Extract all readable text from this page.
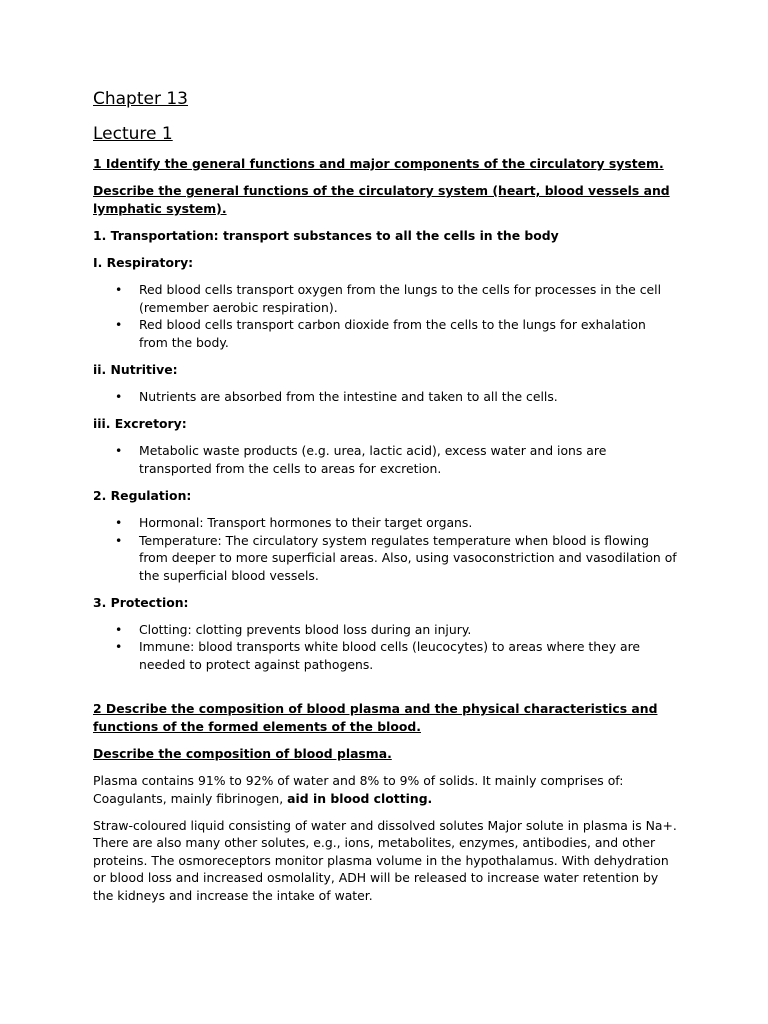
Chapter 13
Lecture 1

1 Identify the general functions and major components of the circulatory system.

Describe the general functions of the circulatory system (heart, blood vessels and lymphatic system).

1. Transportation: transport substances to all the cells in the body

I. Respiratory:

• Red blood cells transport oxygen from the lungs to the cells for processes in the cell (remember aerobic respiration).
• Red blood cells transport carbon dioxide from the cells to the lungs for exhalation from the body.

ii. Nutritive:

• Nutrients are absorbed from the intestine and taken to all the cells.

iii. Excretory:

• Metabolic waste products (e.g. urea, lactic acid), excess water and ions are transported from the cells to areas for excretion.

2. Regulation:

• Hormonal: Transport hormones to their target organs.
• Temperature: The circulatory system regulates temperature when blood is flowing from deeper to more superficial areas. Also, using vasoconstriction and vasodilation of the superficial blood vessels.

3. Protection:

• Clotting: clotting prevents blood loss during an injury.
• Immune: blood transports white blood cells (leucocytes) to areas where they are needed to protect against pathogens.

2 Describe the composition of blood plasma and the physical characteristics and functions of the formed elements of the blood.

Describe the composition of blood plasma.

Plasma contains 91% to 92% of water and 8% to 9% of solids. It mainly comprises of: Coagulants, mainly fibrinogen, aid in blood clotting.

Straw-coloured liquid consisting of water and dissolved solutes Major solute in plasma is Na+. There are also many other solutes, e.g., ions, metabolites, enzymes, antibodies, and other proteins. The osmoreceptors monitor plasma volume in the hypothalamus. With dehydration or blood loss and increased osmolality, ADH will be released to increase water retention by the kidneys and increase the intake of water.
